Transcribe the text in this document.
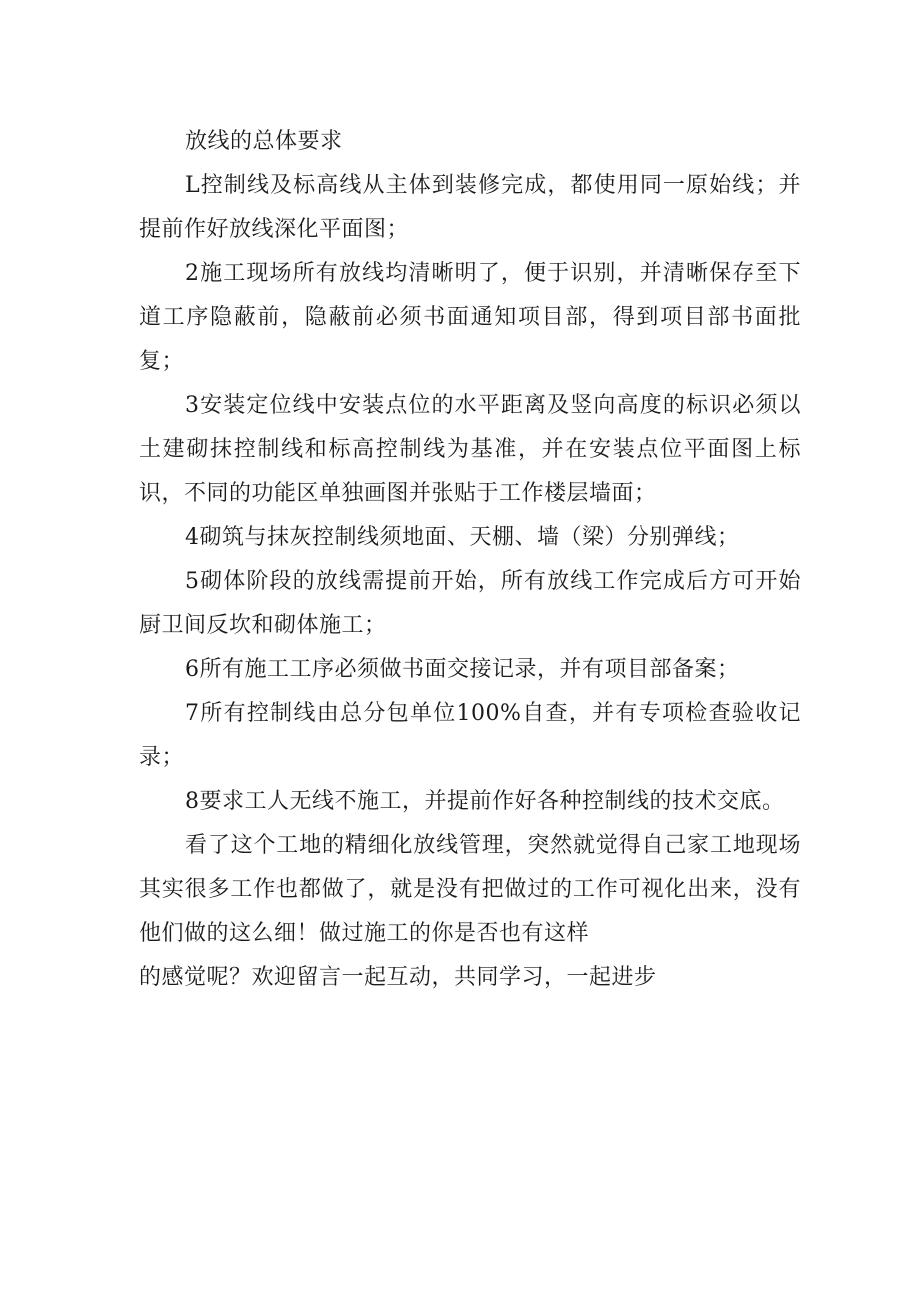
放线的总体要求

L控制线及标高线从主体到装修完成，都使用同一原始线；并提前作好放线深化平面图；

2施工现场所有放线均清晰明了，便于识别，并清晰保存至下道工序隐蔽前，隐蔽前必须书面通知项目部，得到项目部书面批复；

3安装定位线中安装点位的水平距离及竖向高度的标识必须以土建砌抹控制线和标高控制线为基准，并在安装点位平面图上标识，不同的功能区单独画图并张贴于工作楼层墙面；

4砌筑与抹灰控制线须地面、天棚、墙（梁）分别弹线；

5砌体阶段的放线需提前开始，所有放线工作完成后方可开始厨卫间反坎和砌体施工；

6所有施工工序必须做书面交接记录，并有项目部备案；

7所有控制线由总分包单位100%自查，并有专项检查验收记录；

8要求工人无线不施工，并提前作好各种控制线的技术交底。

看了这个工地的精细化放线管理，突然就觉得自己家工地现场其实很多工作也都做了，就是没有把做过的工作可视化出来，没有他们做的这么细！做过施工的你是否也有这样

的感觉呢？欢迎留言一起互动，共同学习，一起进步
